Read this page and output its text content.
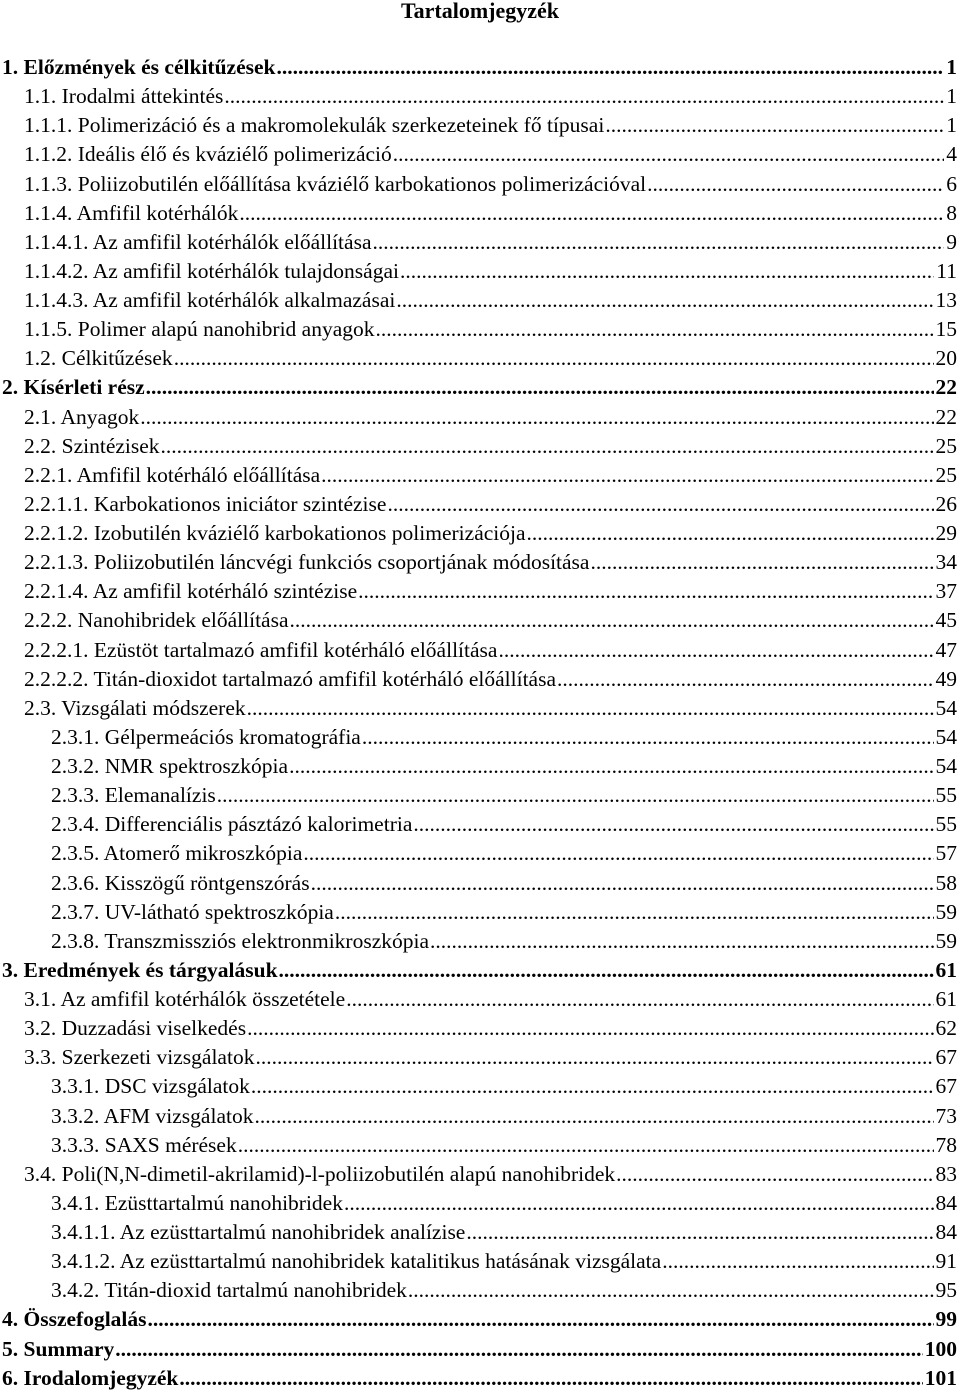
Tartalomjegyzék
1. Előzmények és célkitűzések .....	1
1.1. Irodalmi áttekintés .....	1
1.1.1. Polimerizáció és a makromolekulák szerkezeteinek fő típusai .....	1
1.1.2. Ideális élő és kváziélő polimerizáció .....	4
1.1.3. Poliizobutilén előállítása kváziélő karbokationos polimerizációval .....	6
1.1.4. Amfifil kotérhálók .....	8
1.1.4.1. Az amfifil kotérhálók előállítása .....	9
1.1.4.2. Az amfifil kotérhálók tulajdonságai .....	11
1.1.4.3. Az amfifil kotérhálók alkalmazásai .....	13
1.1.5. Polimer alapú nanohibrid anyagok .....	15
1.2. Célkitűzések .....	20
2. Kísérleti rész .....	22
2.1. Anyagok .....	22
2.2. Szintézisek .....	25
2.2.1. Amfifil kotérháló előállítása .....	25
2.2.1.1. Karbokationos iniciátor szintézise .....	26
2.2.1.2. Izobutilén kváziélő karbokationos polimerizációja .....	29
2.2.1.3. Poliizobutilén láncvégi funkciós csoportjának módosítása .....	34
2.2.1.4. Az amfifil kotérháló szintézise .....	37
2.2.2. Nanohibridek előállítása .....	45
2.2.2.1. Ezüstöt tartalmazó amfifil kotérháló előállítása .....	47
2.2.2.2. Titán-dioxidot tartalmazó amfifil kotérháló előállítása .....	49
2.3. Vizsgálati módszerek .....	54
2.3.1. Gélpermeációs kromatográfia .....	54
2.3.2. NMR spektroszkópia .....	54
2.3.3. Elemanalízis .....	55
2.3.4. Differenciális pásztázó kalorimetria .....	55
2.3.5. Atomerő mikroszkópia .....	57
2.3.6. Kisszögű röntgenszórás .....	58
2.3.7. UV-látható spektroszkópia .....	59
2.3.8. Transzmissziós elektronmikroszkópia .....	59
3. Eredmények és tárgyalásuk .....	61
3.1. Az amfifil kotérhálók összetétele .....	61
3.2. Duzzadási viselkedés .....	62
3.3. Szerkezeti vizsgálatok .....	67
3.3.1. DSC vizsgálatok .....	67
3.3.2. AFM vizsgálatok .....	73
3.3.3. SAXS mérések .....	78
3.4. Poli(N,N-dimetil-akrilamid)-l-poliizobutilén alapú nanohibridek .....	83
3.4.1. Ezüsttartalmú nanohibridek .....	84
3.4.1.1. Az ezüsttartalmú nanohibridek analízise .....	84
3.4.1.2. Az ezüsttartalmú nanohibridek katalitikus hatásának vizsgálata .....	91
3.4.2. Titán-dioxid tartalmú nanohibridek .....	95
4. Összefoglalás .....	99
5. Summary .....	100
6. Irodalomjegyzék .....	101
